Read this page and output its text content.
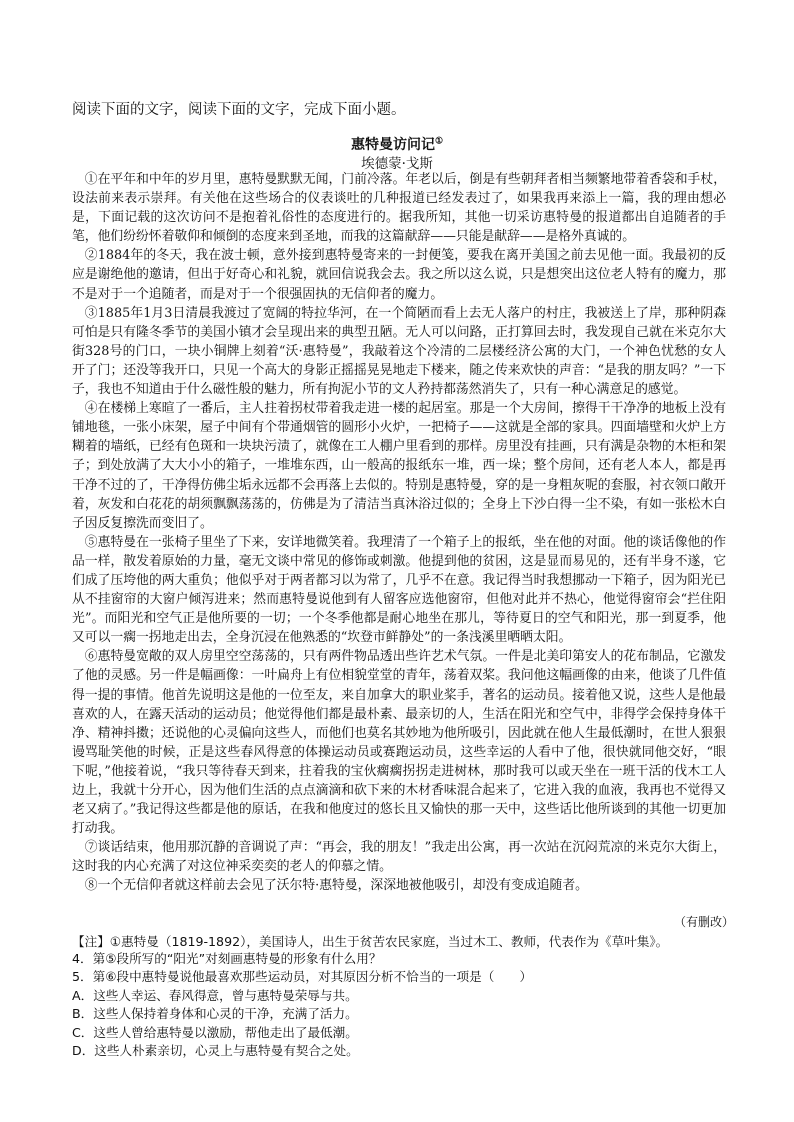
阅读下面的文字，阅读下面的文字，完成下面小题。
惠特曼访问记①
埃德蒙·戈斯

①在平年和中年的岁月里，惠特曼默默无闻，门前冷落。年老以后，倒是有些朝拜者相当频繁地带着香袋和手杖，设法前来表示崇拜。有关他在这些场合的仪表谈吐的几种报道已经发表过了，如果我再来添上一篇，我的理由想必是，下面记载的这次访问不是抱着礼俗性的态度进行的。据我所知，其他一切采访惠特曼的报道都出自追随者的手笔，他们纷纷怀着敬仰和倾倒的态度来到圣地，而我的这篇献辞——只能是献辞——是格外真诚的。

②1884年的冬天，我在波士顿，意外接到惠特曼寄来的一封便笺，要我在离开美国之前去见他一面。我最初的反应是谢绝他的邀请，但出于好奇心和礼貌，就回信说我会去。我之所以这么说，只是想突出这位老人特有的魔力，那不是对于一个追随者，而是对于一个很强固执的无信仰者的魔力。

③1885年1月3日清晨我渡过了宽阔的特拉华河，在一个简陋而看上去无人落户的村庄，我被送上了岸，那种阴森可怕是只有隆冬季节的美国小镇才会呈现出来的典型丑陋。无人可以问路，正打算回去时，我发现自己就在米克尔大街328号的门口，一块小铜牌上刻着“沃·惠特曼”，我敲着这个冷清的二层楼经济公寓的大门，一个神色忧愁的女人开了门；还没等我开口，只见一个高大的身影正摇摇晃晃地走下楼来，随之传来欢快的声音：“是我的朋友吗？”一下子，我也不知道由于什么磁性般的魅力，所有拘泥小节的文人矜持都荡然消失了，只有一种心满意足的感觉。

④在楼梯上寒暄了一番后，主人拄着拐杖带着我走进一楼的起居室。那是一个大房间，擦得干干净净的地板上没有铺地毯，一张小床架，屋子中间有个带通烟管的圆形小火炉，一把椅子——这就是全部的家具。四面墙壁和火炉上方糊着的墙纸，已经有色斑和一块块污渍了，就像在工人棚户里看到的那样。房里没有挂画，只有满是杂物的木柜和架子；到处放满了大大小小的箱子，一堆堆东西，山一般高的报纸东一堆，西一垛；整个房间，还有老人本人，都是再干净不过的了，干净得仿佛尘垢永远都不会再落上去似的。特别是惠特曼，穿的是一身粗灰呢的套服，衬衣领口敞开着，灰发和白花花的胡须飘飘荡荡的，仿佛是为了清洁当真沐浴过似的；全身上下沙白得一尘不染，有如一张松木白子因反复擦洗而变旧了。

⑤惠特曼在一张椅子里坐了下来，安详地微笑着。我理清了一个箱子上的报纸，坐在他的对面。他的谈话像他的作品一样，散发着原始的力量，毫无文谈中常见的修饰或刺激。他提到他的贫困，这是显而易见的，还有半身不遂，它们成了压垮他的两大重负；他似乎对于两者都习以为常了，几乎不在意。我记得当时我想挪动一下箱子，因为阳光已从不挂窗帘的大窗户倾泻进来；然而惠特曼说他到有人留客应选他窗帘，但他对此并不热心，他觉得窗帘会“拦住阳光”。而阳光和空气正是他所要的一切；一个冬季他都是耐心地坐在那儿，等待夏日的空气和阳光，那一到夏季，他又可以一瘸一拐地走出去，全身沉浸在他熟悉的“坎登市鲜静处”的一条浅溪里晒晒太阳。

⑥惠特曼宽敞的双人房里空空荡荡的，只有两件物品透出些许艺术气氛。一件是北美印第安人的花布制品，它激发了他的灵感。另一件是幅画像：一叶扁舟上有位相貌堂堂的青年，荡着双桨。我问他这幅画像的由来，他谈了几件值得一提的事情。他首先说明这是他的一位至友，来自加拿大的职业桨手，著名的运动员。接着他又说，这些人是他最喜欢的人，在露天活动的运动员；他觉得他们都是最朴素、最亲切的人，生活在阳光和空气中，非得学会保持身体干净、精神抖擞；还说他的心灵偏向这些人，而他们也莫名其妙地为他所吸引，因此就在他人生最低潮时，在世人狠狠谩骂耻笑他的时候，正是这些春风得意的体操运动员或赛跑运动员，这些幸运的人看中了他，很快就同他交好，“眼下呢，”他接着说，“我只等待春天到来，拄着我的宝伙瘸瘸拐拐走进树林，那时我可以或天坐在一班干活的伐木工人边上，我就十分开心，因为他们生活的点点滴滴和砍下来的木材香味混合起来了，它进入我的血液，我再也不觉得又老又病了。”我记得这些都是他的原话，在我和他度过的悠长且又愉快的那一天中，这些话比他所谈到的其他一切更加打动我。

⑦谈话结束，他用那沉静的音调说了声：“再会，我的朋友！”我走出公寓，再一次站在沉闷荒凉的米克尔大街上，这时我的内心充满了对这位神采奕奕的老人的仰慕之情。

⑧一个无信仰者就这样前去会见了沃尔特·惠特曼，深深地被他吸引，却没有变成追随者。

（有删改）
【注】①惠特曼（1819-1892），美国诗人，出生于贫苦农民家庭，当过木工、教师，代表作为《草叶集》。
4．第⑤段所写的“阳光”对刻画惠特曼的形象有什么用？
5．第⑥段中惠特曼说他最喜欢那些运动员，对其原因分析不恰当的一项是（　　）
A．这些人幸运、春风得意，曾与惠特曼荣辱与共。
B．这些人保持着身体和心灵的干净，充满了活力。
C．这些人曾给惠特曼以激励，帮他走出了最低潮。
D．这些人朴素亲切，心灵上与惠特曼有契合之处。
